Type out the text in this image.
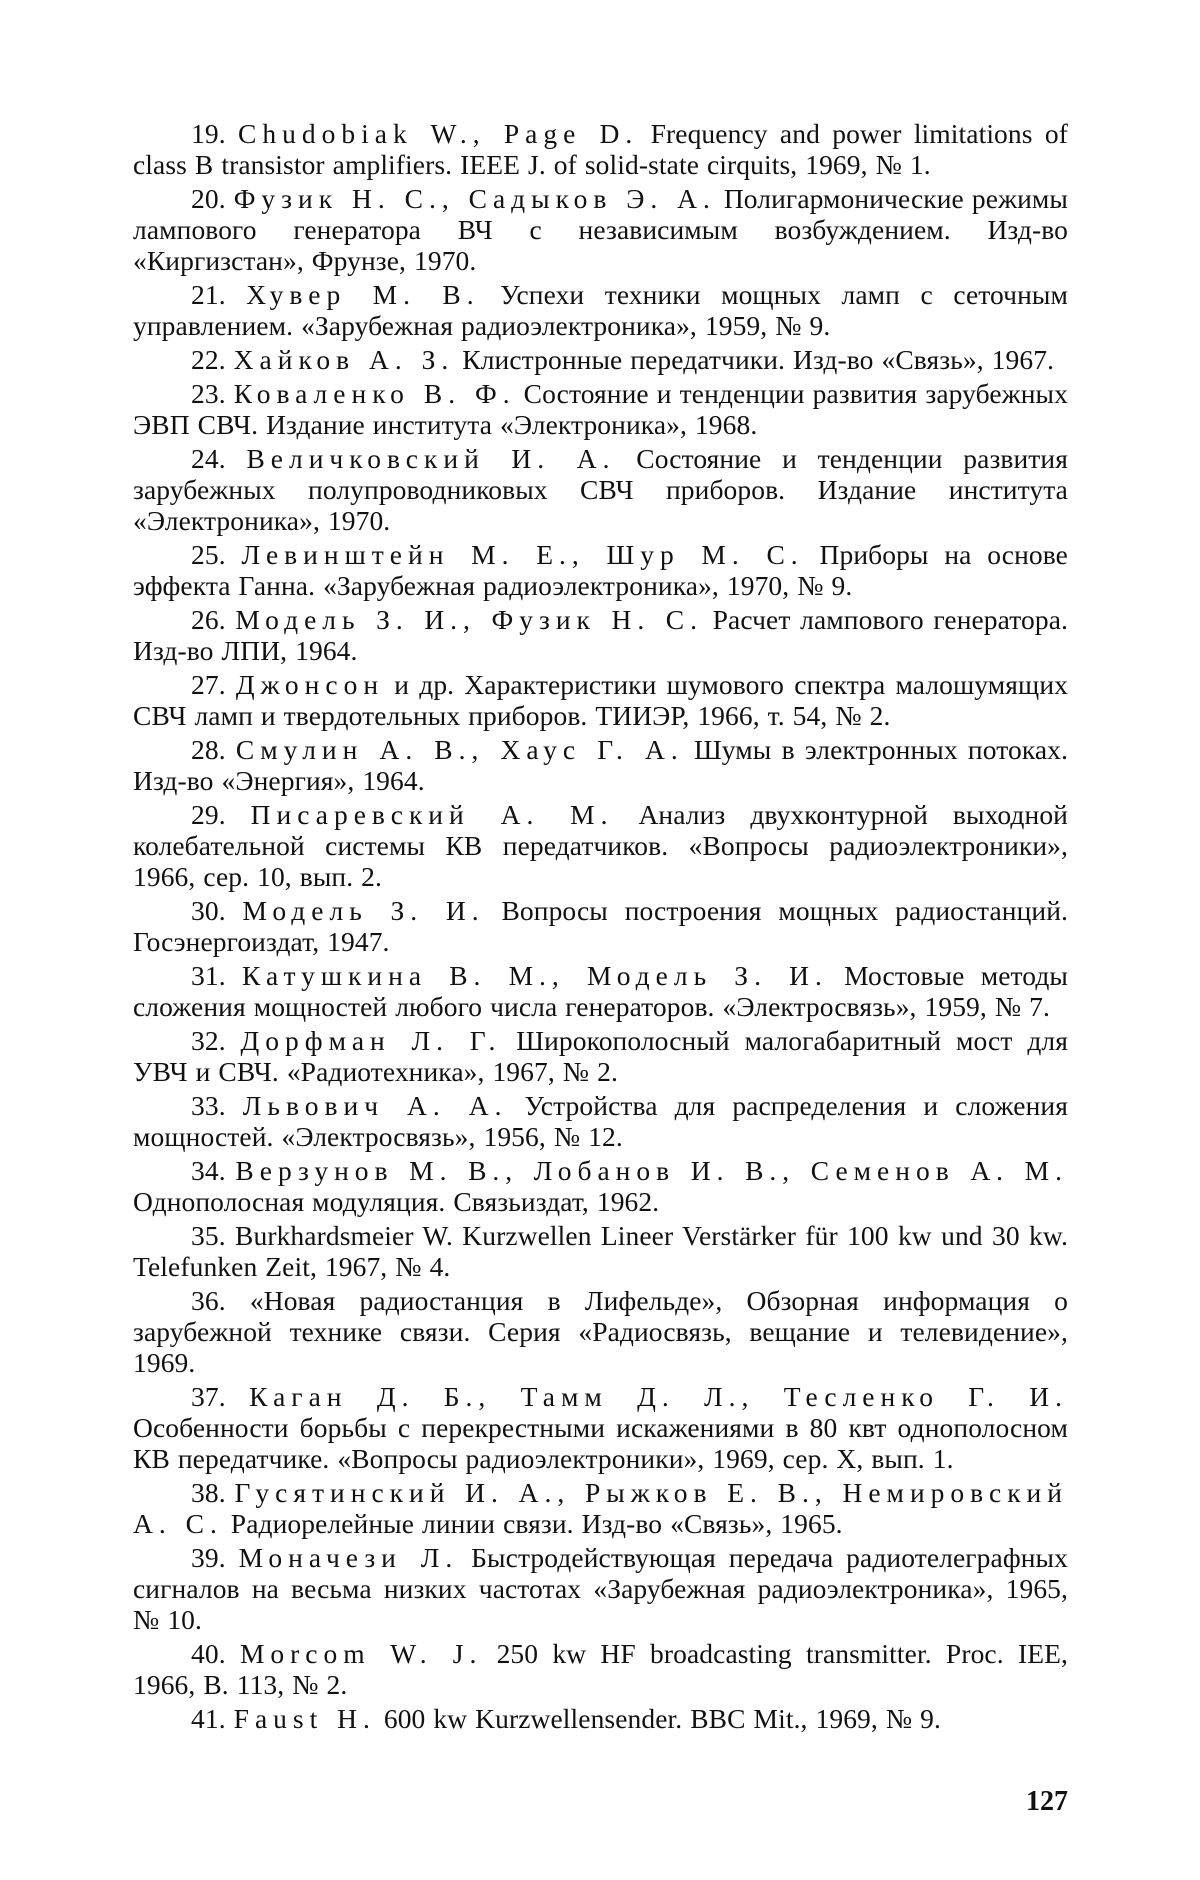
19. Chudobiak W., Page D. Frequency and power limitations of class B transistor amplifiers. IEEE J. of solid-state cirquits, 1969, № 1.

20. Фузик Н. С., Садыков Э. А. Полигармонические режимы лампового генератора ВЧ с независимым возбуждением. Изд-во «Киргизстан», Фрунзе, 1970.

21. Хувер М. В. Успехи техники мощных ламп с сеточным управлением. «Зарубежная радиоэлектроника», 1959, № 9.

22. Хайков А. З. Клистронные передатчики. Изд-во «Связь», 1967.

23. Коваленко В. Ф. Состояние и тенденции развития зарубежных ЭВП СВЧ. Издание института «Электроника», 1968.

24. Величковский И. А. Состояние и тенденции развития зарубежных полупроводниковых СВЧ приборов. Издание института «Электроника», 1970.

25. Левинштейн М. Е., Шур М. С. Приборы на основе эффекта Ганна. «Зарубежная радиоэлектроника», 1970, № 9.

26. Модель З. И., Фузик Н. С. Расчет лампового генератора. Изд-во ЛПИ, 1964.

27. Джонсон и др. Характеристики шумового спектра малошумящих СВЧ ламп и твердотельных приборов. ТИИЭР, 1966, т. 54, № 2.

28. Смулин А. В., Хаус Г. А. Шумы в электронных потоках. Изд-во «Энергия», 1964.

29. Писаревский А. М. Анализ двухконтурной выходной колебательной системы КВ передатчиков. «Вопросы радиоэлектроники», 1966, сер. 10, вып. 2.

30. Модель З. И. Вопросы построения мощных радиостанций. Госэнергоиздат, 1947.

31. Катушкина В. М., Модель З. И. Мостовые методы сложения мощностей любого числа генераторов. «Электросвязь», 1959, № 7.

32. Дорфман Л. Г. Широкополосный малогабаритный мост для УВЧ и СВЧ. «Радиотехника», 1967, № 2.

33. Львович А. А. Устройства для распределения и сложения мощностей. «Электросвязь», 1956, № 12.

34. Верзунов М. В., Лобанов И. В., Семенов А. М. Однополосная модуляция. Связьиздат, 1962.

35. Burkhardsmeier W. Kurzwellen Lineer Verstärker für 100 kw und 30 kw. Telefunken Zeit, 1967, № 4.

36. «Новая радиостанция в Лифельде», Обзорная информация о зарубежной технике связи. Серия «Радиосвязь, вещание и телевидение», 1969.

37. Каган Д. Б., Тамм Д. Л., Тесленко Г. И. Особенности борьбы с перекрестными искажениями в 80 квт однополосном КВ передатчике. «Вопросы радиоэлектроники», 1969, сер. X, вып. 1.

38. Гусятинский И. А., Рыжков Е. В., Немировский А. С. Радиорелейные линии связи. Изд-во «Связь», 1965.

39. Моначези Л. Быстродействующая передача радиотелеграфных сигналов на весьма низких частотах «Зарубежная радиоэлектроника», 1965, № 10.

40. Morcom W. J. 250 kw HF broadcasting transmitter. Proc. IEE, 1966, B. 113, № 2.

41. Faust H. 600 kw Kurzwellensender. BBC Mit., 1969, № 9.

127
